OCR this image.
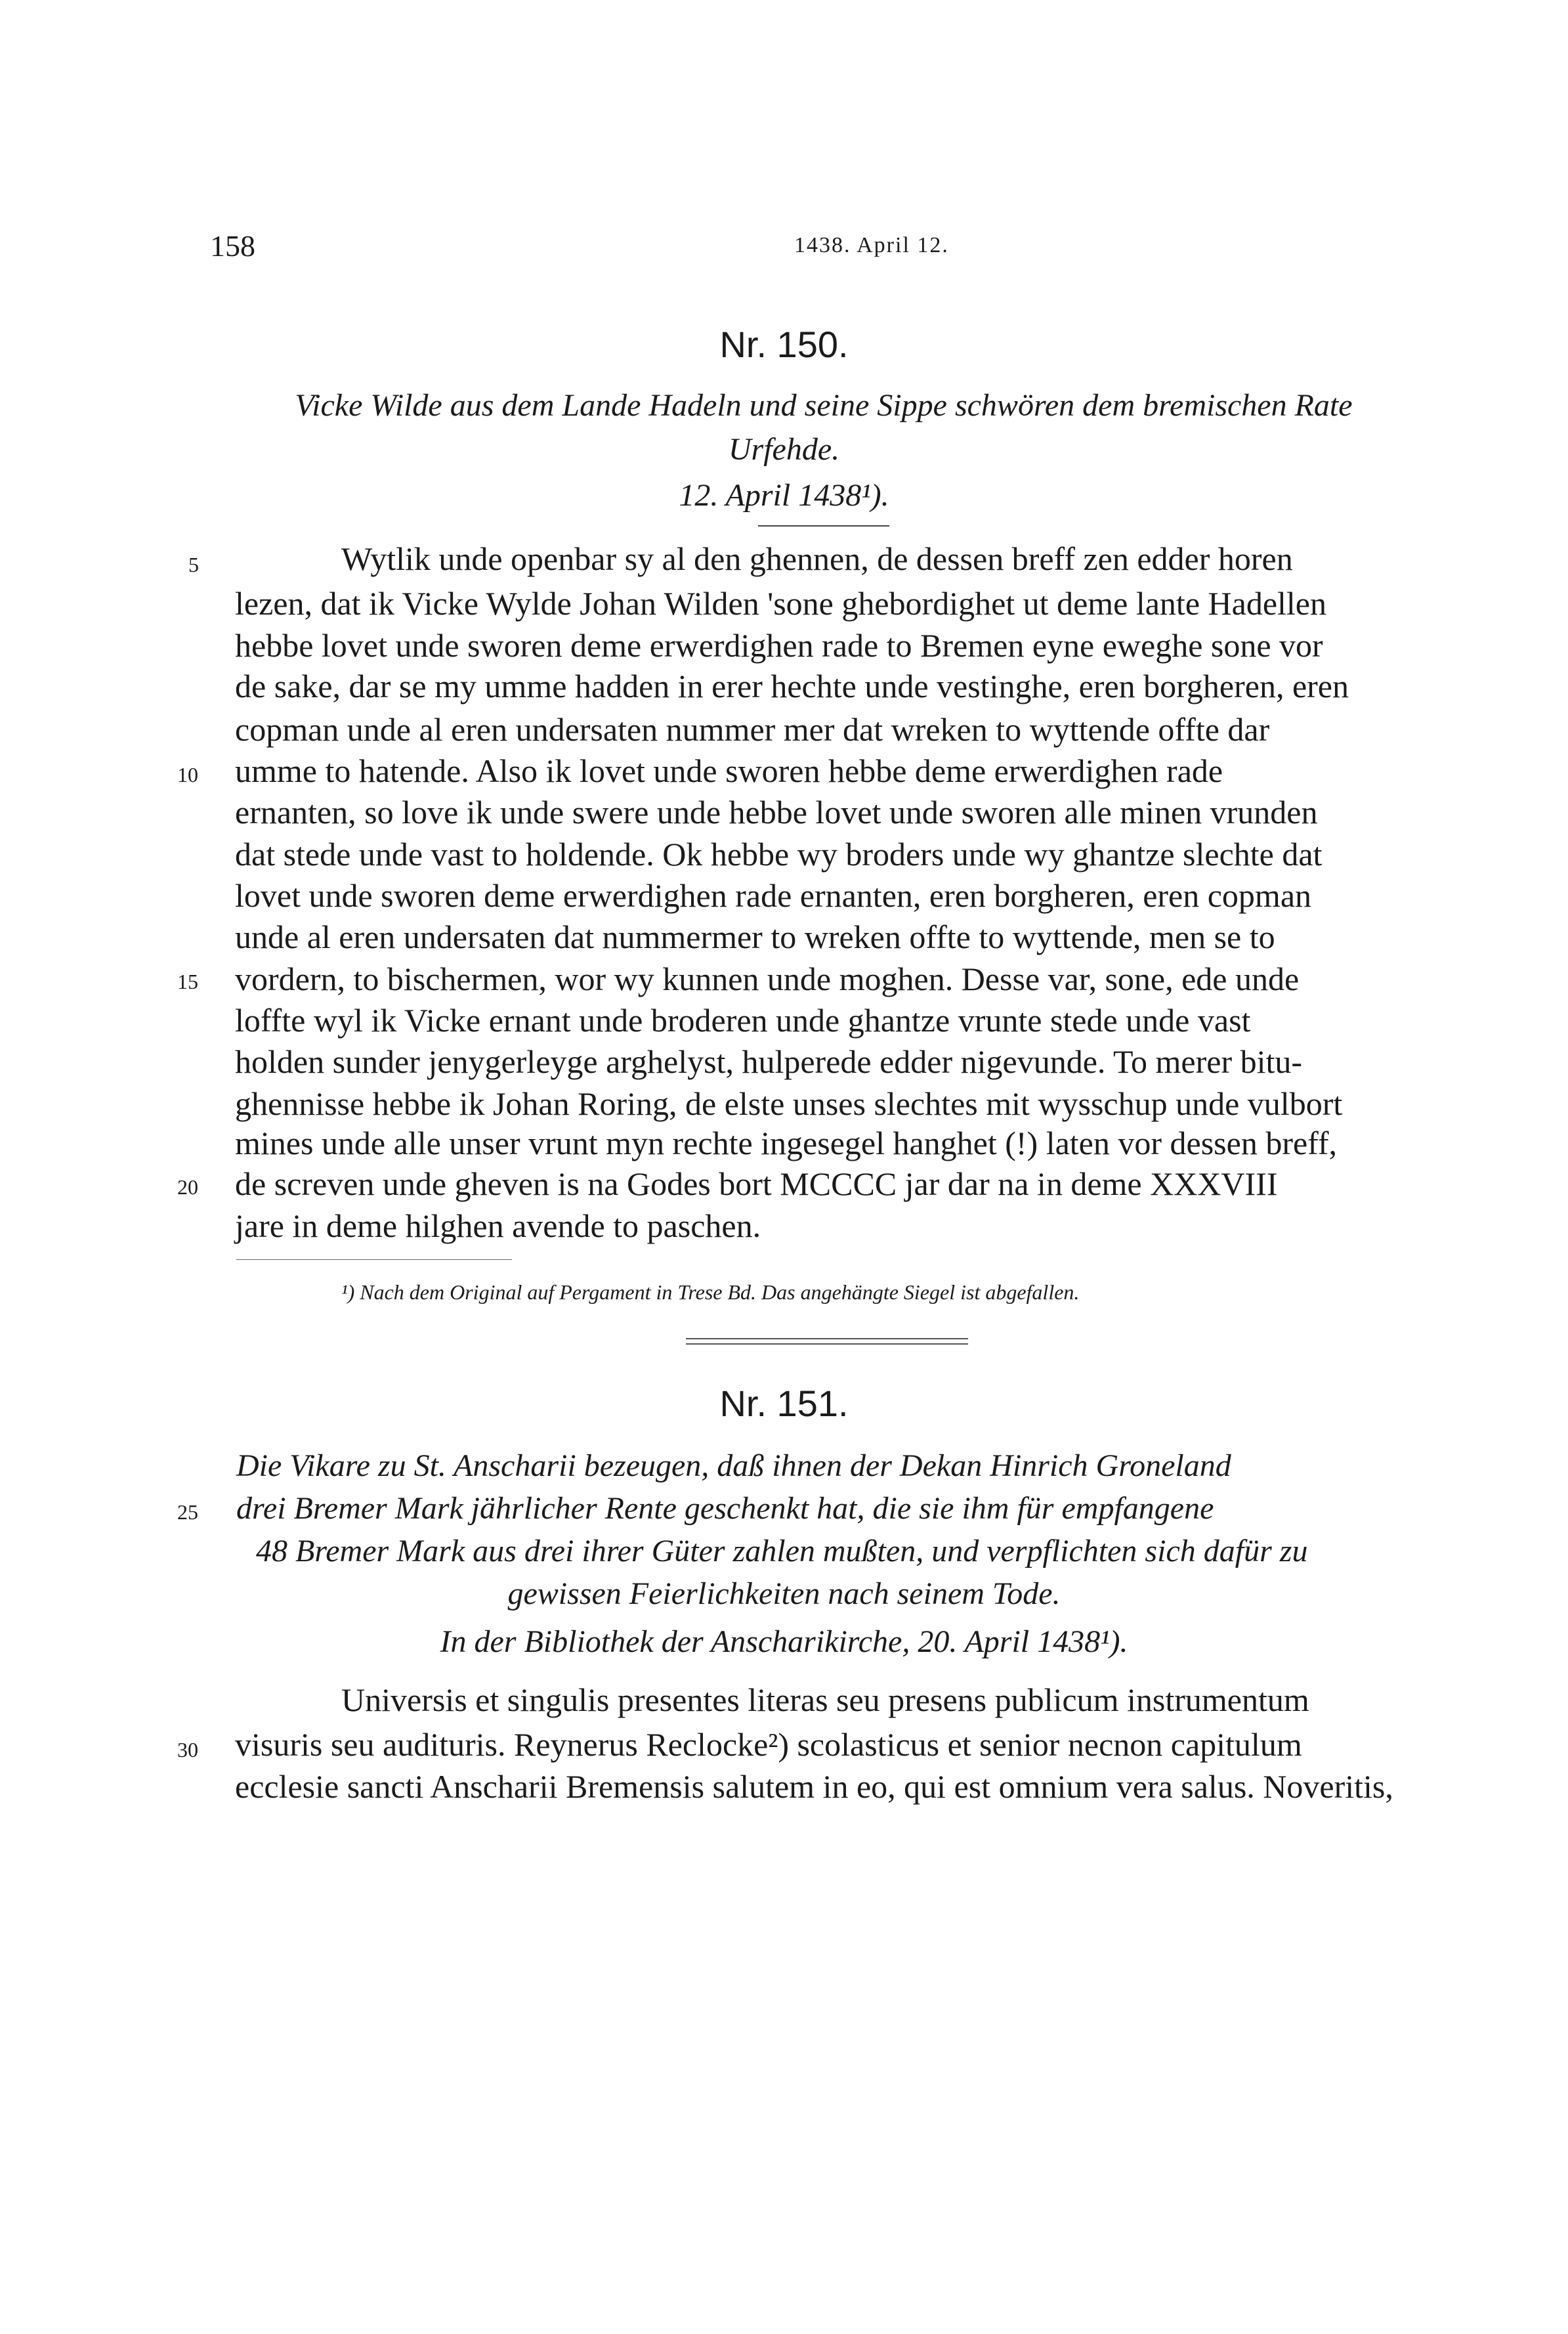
158	1438. April 12.
Nr. 150.
Vicke Wilde aus dem Lande Hadeln und seine Sippe schwören dem bremischen Rate
Urfehde.
12. April 1438¹).
Wytlik unde openbar sy al den ghennen, de dessen breff zen edder horen
lezen, dat ik Vicke Wylde Johan Wilden 'sone ghebordighet ut deme lante Hadellen
hebbe lovet unde sworen deme erwerdighen rade to Bremen eyne eweghe sone vor
de sake, dar se my umme hadden in erer hechte unde vestinghe, eren borgheren, eren
copman unde al eren undersaten nummer mer dat wreken to wyttende offte dar
umme to hatende. Also ik lovet unde sworen hebbe deme erwerdighen rade
ernanten, so love ik unde swere unde hebbe lovet unde sworen alle minen vrunden
dat stede unde vast to holdende. Ok hebbe wy broders unde wy ghantze slechte dat
lovet unde sworen deme erwerdighen rade ernanten, eren borgheren, eren copman
unde al eren undersaten dat nummermer to wreken offte to wyttende, men se to
vordern, to bischermen, wor wy kunnen unde moghen. Desse var, sone, ede unde
loffte wyl ik Vicke ernant unde broderen unde ghantze vrunte stede unde vast
holden sunder jenygerleyge arghelyst, hulperede edder nigevunde. To merer bitu-
ghennisse hebbe ik Johan Roring, de elste unses slechtes mit wysschup unde vulbort
mines unde alle unser vrunt myn rechte ingesegel hanghet (!) laten vor dessen breff,
de screven unde gheven is na Godes bort MCCCC jar dar na in deme XXXVIII
jare in deme hilghen avende to paschen.
5
10
15
20
25
30
¹) Nach dem Original auf Pergament in Trese Bd. Das angehängte Siegel ist abgefallen.
Nr. 151.
Die Vikare zu St. Anscharii bezeugen, daß ihnen der Dekan Hinrich Groneland
drei Bremer Mark jährlicher Rente geschenkt hat, die sie ihm für empfangene
48 Bremer Mark aus drei ihrer Güter zahlen mußten, und verpflichten sich dafür zu
gewissen Feierlichkeiten nach seinem Tode.
In der Bibliothek der Anscharikirche, 20. April 1438¹).
Universis et singulis presentes literas seu presens publicum instrumentum
visuris seu audituris. Reynerus Reclocke²) scolasticus et senior necnon capitulum
ecclesie sancti Anscharii Bremensis salutem in eo, qui est omnium vera salus. Noveritis,
